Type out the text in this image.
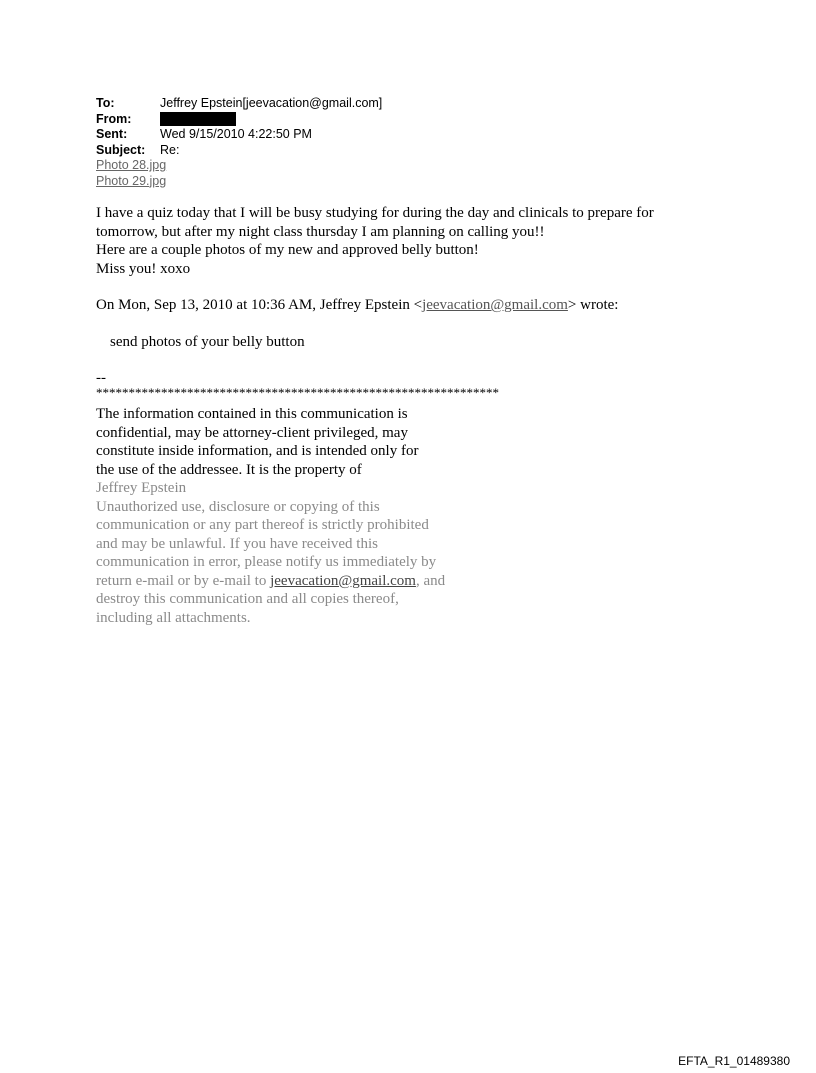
To:	Jeffrey Epstein[jeevacation@gmail.com]
From:
Sent:	Wed 9/15/2010 4:22:50 PM
Subject:	Re:
Photo 28.jpg
Photo 29.jpg

I have a quiz today that I will be busy studying for during the day and clinicals to prepare for

tomorrow, but after my night class thursday I am planning on calling you!!

Here are a couple photos of my new and approved belly button!

Miss you! xoxo

On Mon, Sep 13, 2010 at 10:36 AM, Jeffrey Epstein <jeevacation@gmail.com> wrote:
send photos of your belly button
--
**************************************************************
The information contained in this communication is
confidential, may be attorney-client privileged, may
constitute inside information, and is intended only for
the use of the addressee. It is the property of
Jeffrey Epstein
Unauthorized use, disclosure or copying of this
communication or any part thereof is strictly prohibited
and may be unlawful. If you have received this
communication in error, please notify us immediately by
return e-mail or by e-mail to jeevacation@gmail.com, and
destroy this communication and all copies thereof,
including all attachments.
EFTA_R1_01489380
